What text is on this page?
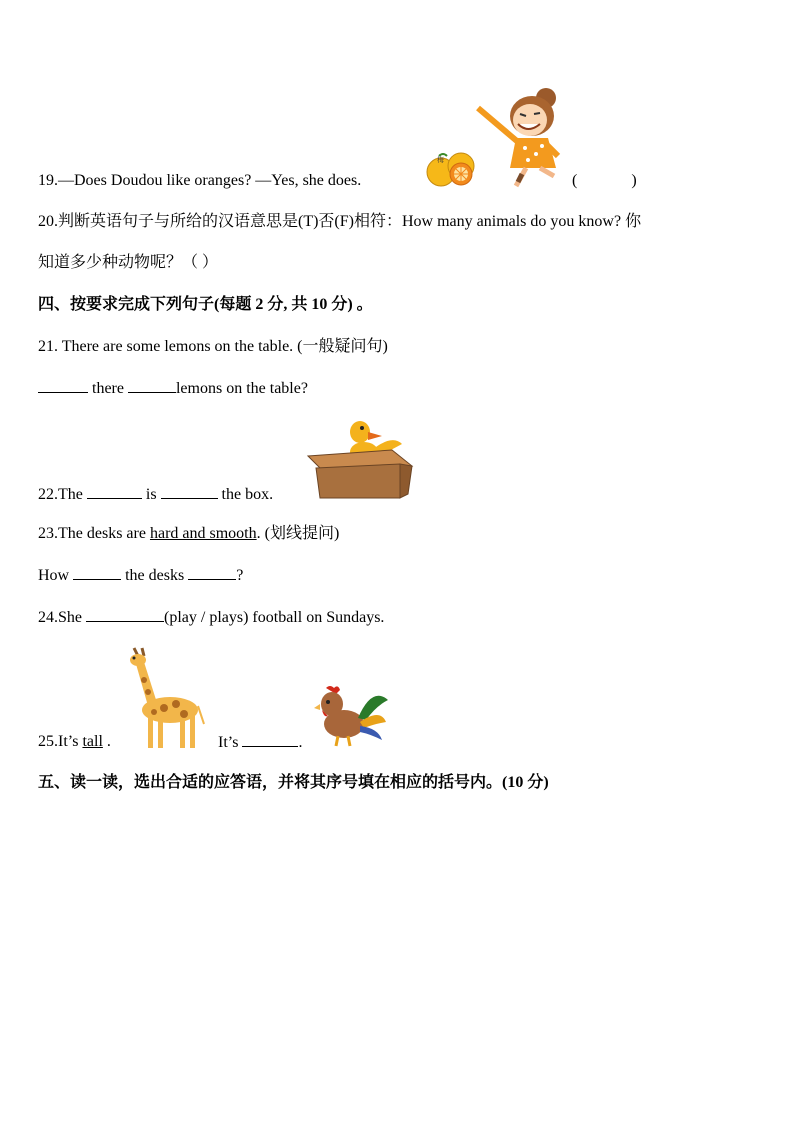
梅
19.—Does Doudou like oranges? —Yes, she does.	(	)
20.判断英语句子与所给的汉语意思是(T)否(F)相符：How many animals do you know? 你
知道多少种动物呢？（ ）
四、按要求完成下列句子(每题 2 分, 共 10 分) 。
21. There are some lemons on the table. (一般疑问句)
there	lemons on the table?
22.The	is	the box.
23.The desks are hard and smooth. (划线提问)
How	the desks	?
24.She	(play / plays) football on Sundays.
25.It’s tall .	It’s	.
五、读一读，选出合适的应答语，并将其序号填在相应的括号内。(10 分)
